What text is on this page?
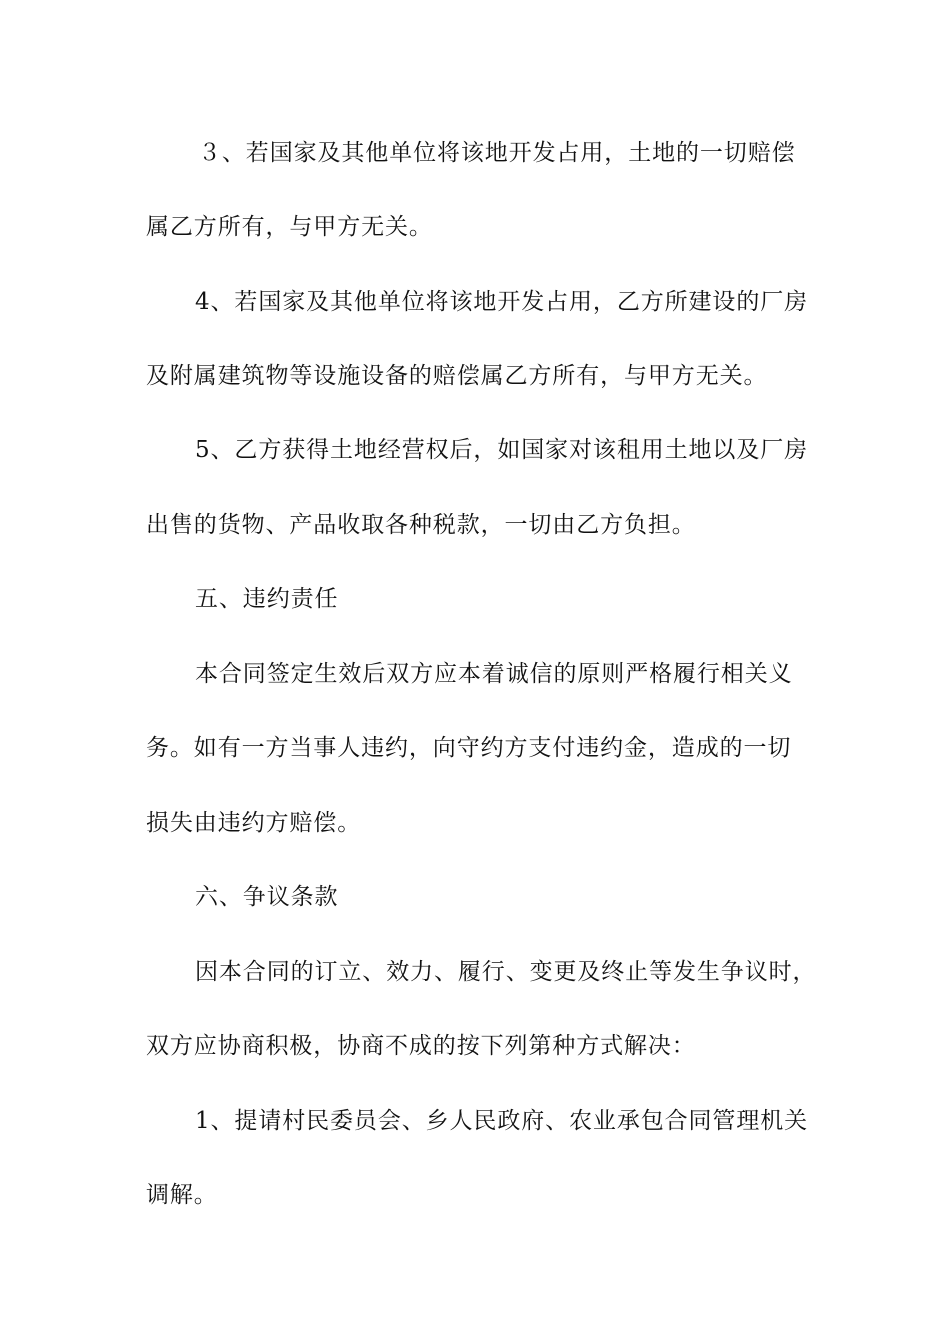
３、若国家及其他单位将该地开发占用，土地的一切赔偿
属乙方所有，与甲方无关。
4、若国家及其他单位将该地开发占用，乙方所建设的厂房
及附属建筑物等设施设备的赔偿属乙方所有，与甲方无关。
5、乙方获得土地经营权后，如国家对该租用土地以及厂房
出售的货物、产品收取各种税款，一切由乙方负担。
五、违约责任
本合同签定生效后双方应本着诚信的原则严格履行相关义
务。如有一方当事人违约，向守约方支付违约金，造成的一切
损失由违约方赔偿。
六、争议条款
因本合同的订立、效力、履行、变更及终止等发生争议时，
双方应协商积极，协商不成的按下列第种方式解决：
1、提请村民委员会、乡人民政府、农业承包合同管理机关
调解。
